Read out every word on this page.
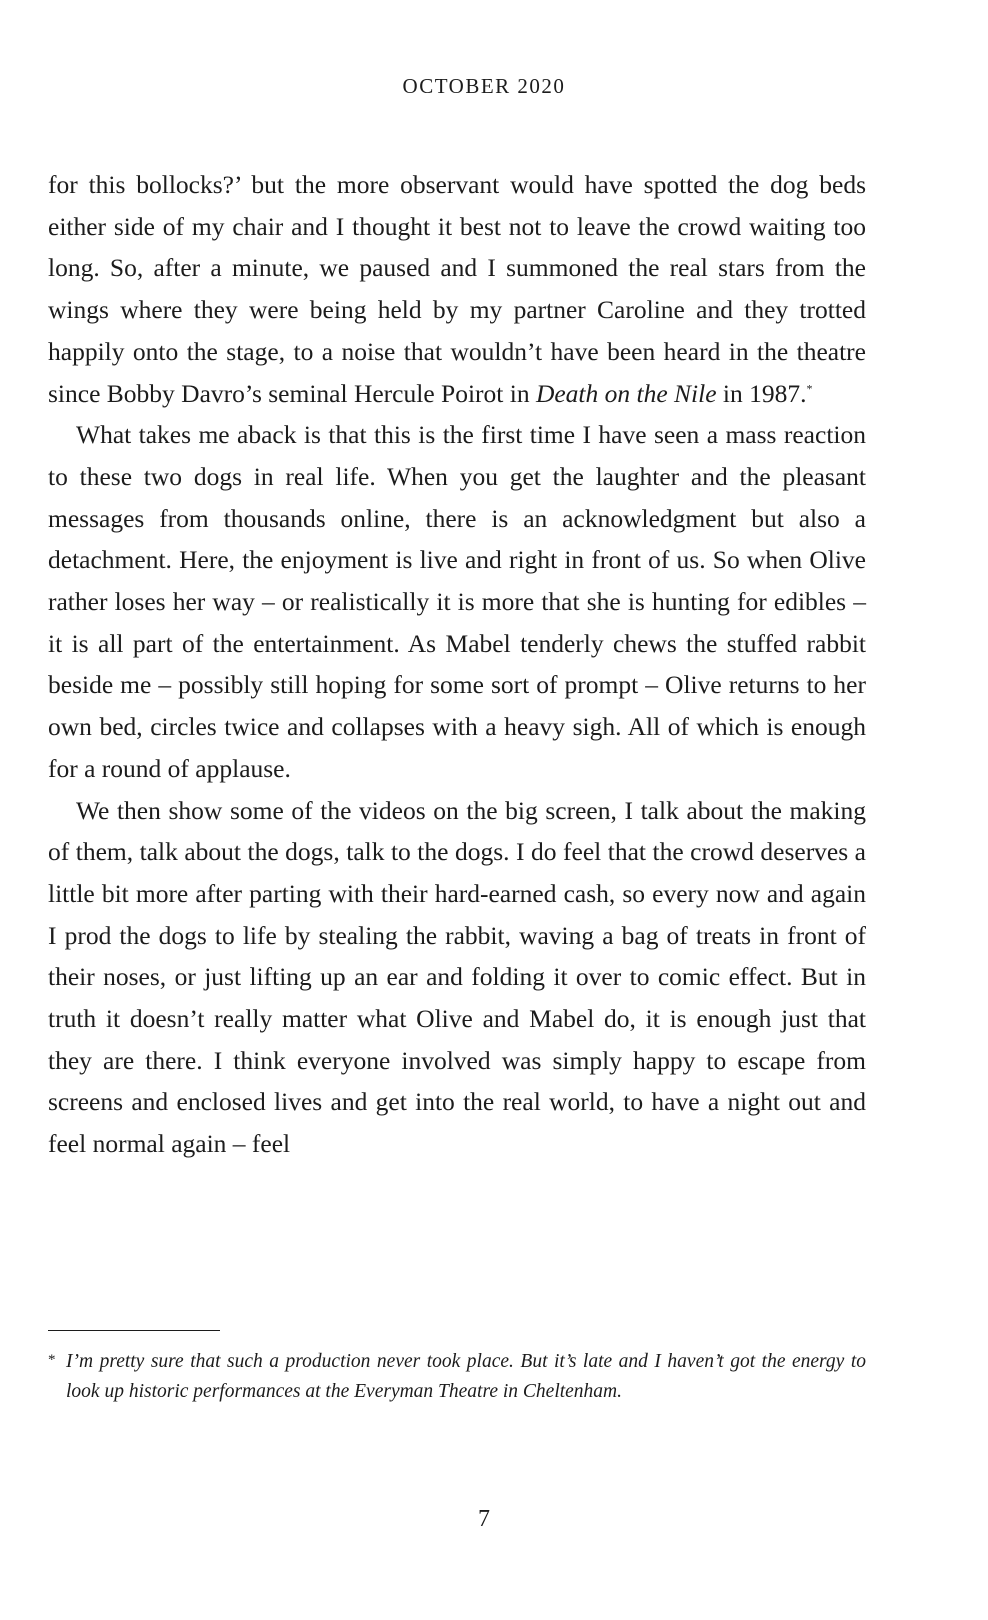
OCTOBER 2020

for this bollocks?’ but the more observant would have spotted the dog beds either side of my chair and I thought it best not to leave the crowd waiting too long. So, after a minute, we paused and I summoned the real stars from the wings where they were being held by my partner Caroline and they trotted happily onto the stage, to a noise that wouldn’t have been heard in the theatre since Bobby Davro’s seminal Hercule Poirot in Death on the Nile in 1987.*

What takes me aback is that this is the first time I have seen a mass reaction to these two dogs in real life. When you get the laughter and the pleasant messages from thousands online, there is an acknowledgment but also a detachment. Here, the enjoyment is live and right in front of us. So when Olive rather loses her way – or realistically it is more that she is hunting for edibles – it is all part of the entertainment. As Mabel tenderly chews the stuffed rabbit beside me – possibly still hoping for some sort of prompt – Olive returns to her own bed, circles twice and collapses with a heavy sigh. All of which is enough for a round of applause.

We then show some of the videos on the big screen, I talk about the making of them, talk about the dogs, talk to the dogs. I do feel that the crowd deserves a little bit more after parting with their hard-earned cash, so every now and again I prod the dogs to life by stealing the rabbit, waving a bag of treats in front of their noses, or just lifting up an ear and folding it over to comic effect. But in truth it doesn’t really matter what Olive and Mabel do, it is enough just that they are there. I think everyone involved was simply happy to escape from screens and enclosed lives and get into the real world, to have a night out and feel normal again – feel

* I’m pretty sure that such a production never took place. But it’s late and I haven’t got the energy to look up historic performances at the Everyman Theatre in Cheltenham.
7
